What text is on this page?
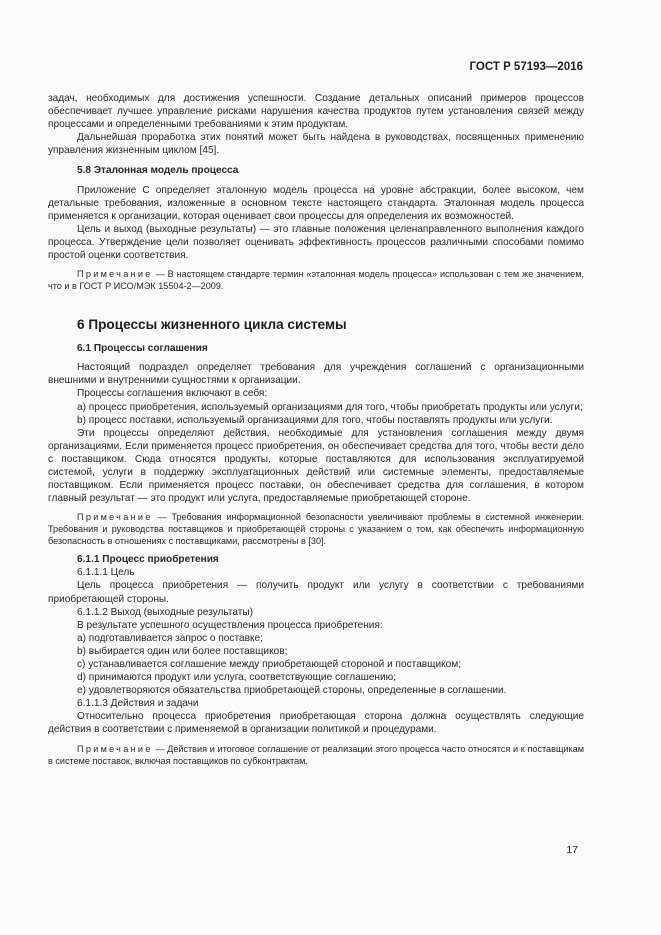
ГОСТ Р 57193—2016

задач, необходимых для достижения успешности. Создание детальных описаний примеров процессов обеспечивает лучшее управление рисками нарушения качества продуктов путем установления связей между процессами и определенными требованиями к этим продуктам.

Дальнейшая проработка этих понятий может быть найдена в руководствах, посвященных применению управления жизненным циклом [45].

5.8 Эталонная модель процесса

Приложение С определяет эталонную модель процесса на уровне абстракции, более высоком, чем детальные требования, изложенные в основном тексте настоящего стандарта. Эталонная модель процесса применяется к организации, которая оценивает свои процессы для определения их возможностей.

Цель и выход (выходные результаты) — это главные положения целенаправленного выполнения каждого процесса. Утверждение цели позволяет оценивать эффективность процессов различными способами помимо простой оценки соответствия.

Примечание — В настоящем стандарте термин «эталонная модель процесса» использован с тем же значением, что и в ГОСТ Р ИСО/МЭК 15504-2—2009.

6 Процессы жизненного цикла системы
6.1 Процессы соглашения

Настоящий подраздел определяет требования для учреждения соглашений с организационными внешними и внутренними сущностями к организации.

Процессы соглашения включают в себя:

a) процесс приобретения, используемый организациями для того, чтобы приобретать продукты или услуги;

b) процесс поставки, используемый организациями для того, чтобы поставлять продукты или услуги.

Эти процессы определяют действия, необходимые для установления соглашения между двумя организациями. Если применяется процесс приобретения, он обеспечивает средства для того, чтобы вести дело с поставщиком. Сюда относятся продукты, которые поставляются для использования эксплуатируемой системой, услуги в поддержку эксплуатационных действий или системные элементы, предоставляемые поставщиком. Если применяется процесс поставки, он обеспечивает средства для соглашения, в котором главный результат — это продукт или услуга, предоставляемые приобретающей стороне.

Примечание — Требования информационной безопасности увеличивают проблемы в системной инженерии. Требования и руководства поставщиков и приобретающей стороны с указанием о том, как обеспечить информационную безопасность в отношениях с поставщиками, рассмотрены в [30].

6.1.1 Процесс приобретения

6.1.1.1 Цель

Цель процесса приобретения — получить продукт или услугу в соответствии с требованиями приобретающей стороны.

6.1.1.2 Выход (выходные результаты)

В результате успешного осуществления процесса приобретения:

a) подготавливается запрос о поставке;

b) выбирается один или более поставщиков;

c) устанавливается соглашение между приобретающей стороной и поставщиком;

d) принимаются продукт или услуга, соответствующие соглашению;

e) удовлетворяются обязательства приобретающей стороны, определенные в соглашении.

6.1.1.3 Действия и задачи

Относительно процесса приобретения приобретающая сторона должна осуществлять следующие действия в соответствии с применяемой в организации политикой и процедурами.

Примечание — Действия и итоговое соглашение от реализации этого процесса часто относятся и к поставщикам в системе поставок, включая поставщиков по субконтрактам.

17
